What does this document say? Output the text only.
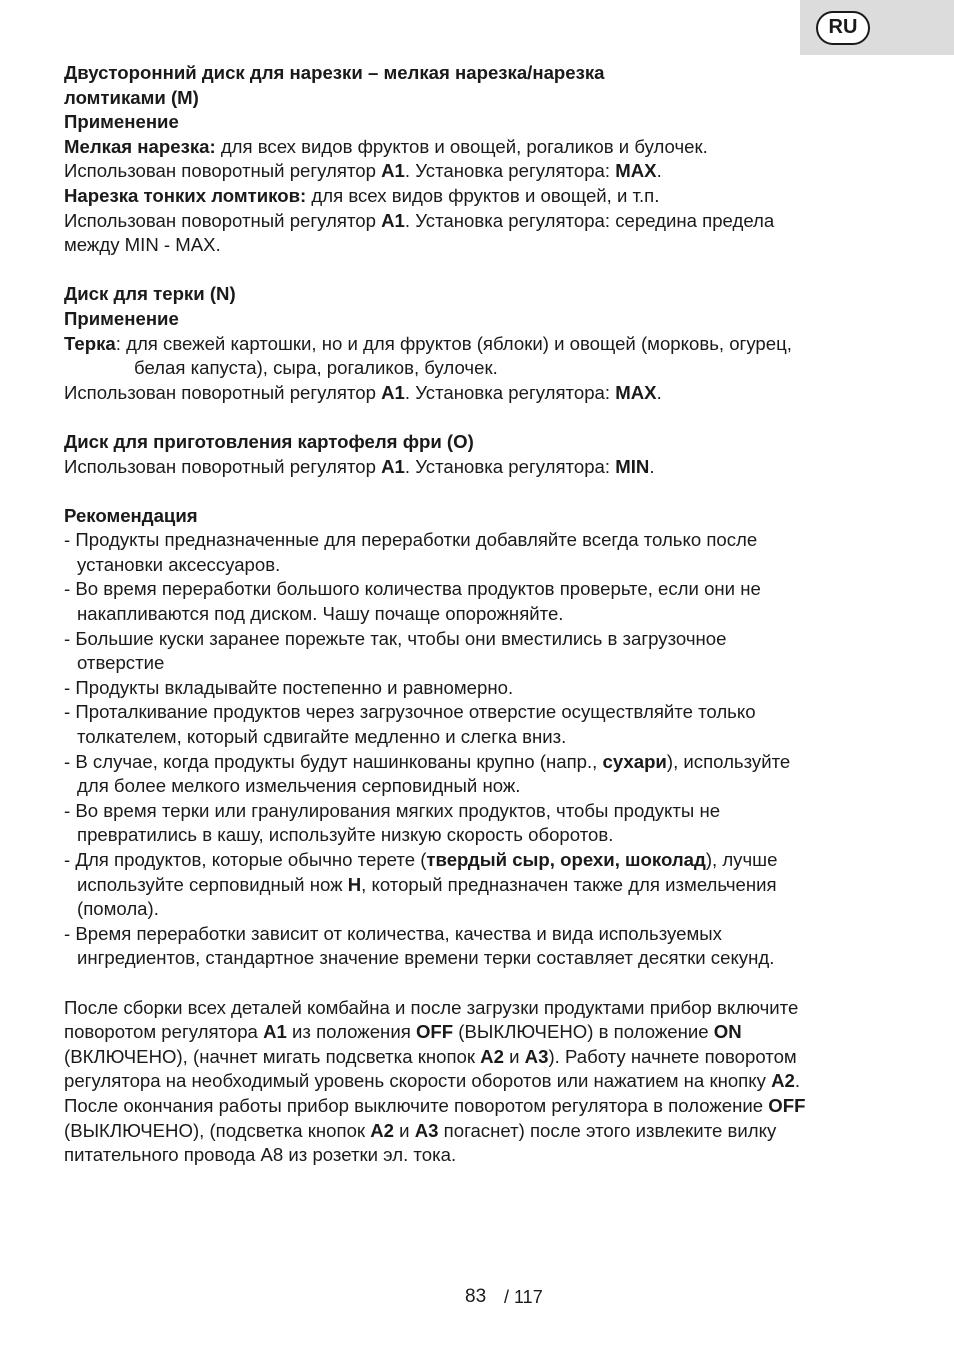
RU

Двусторонний диск для нарезки – мелкая нарезка/нарезка

ломтиками (М)

Применение

Мелкая нарезка: для всех видов фруктов и овощей, рогаликов и булочек.

Использован поворотный регулятор A1. Установка регулятора: MAX.

Нарезка тонких ломтиков: для всех видов фруктов и овощей, и т.п.

Использован поворотный регулятор A1. Установка регулятора: середина предела

между MIN - MAX.

Диск для терки (N)

Применение

Терка: для свежей картошки, но и для фруктов (яблоки) и овощей (морковь, огурец,

белая капуста), сыра, рогаликов, булочек.

Использован поворотный регулятор A1. Установка регулятора: MAX.

Диск для приготовления картофеля фри (О)

Использован поворотный регулятор A1. Установка регулятора: MIN.

Рекомендация

- Продукты предназначенные для переработки добавляйте всегда только после

установки аксессуаров.

- Во время переработки большого количества продуктов проверьте, если они не

накапливаются под диском. Чашу почаще опорожняйте.

- Большие куски заранее порежьте так, чтобы они вместились в загрузочное

отверстие

- Продукты вкладывайте постепенно и равномерно.

- Проталкивание продуктов через загрузочное отверстие осуществляйте только

толкателем, который сдвигайте медленно и слегка вниз.

- В случае, когда продукты будут нашинкованы крупно (напр., сухари), используйте

для более мелкого измельчения серповидный нож.

- Во время терки или гранулирования мягких продуктов, чтобы продукты не

превратились в кашу, используйте низкую скорость оборотов.

- Для продуктов, которые обычно терете (твердый сыр, орехи, шоколад), лучше

используйте серповидный нож H, который предназначен также для измельчения

(помола).

- Время переработки зависит от количества, качества и вида используемых

ингредиентов, стандартное значение времени терки составляет десятки секунд.

После сборки всех деталей комбайна и после загрузки продуктами прибор включите

поворотом регулятора A1 из положения OFF (ВЫКЛЮЧЕНО) в положение ON

(ВКЛЮЧЕНО), (начнет мигать подсветка кнопок A2 и A3). Работу начнете поворотом

регулятора на необходимый уровень скорости оборотов или нажатием на кнопку A2.

После окончания работы прибор выключите поворотом регулятора в положение OFF

(ВЫКЛЮЧЕНО), (подсветка кнопок A2 и A3 погаснет) после этого извлеките вилку

питательного провода А8 из розетки эл. тока.

83 / 117
